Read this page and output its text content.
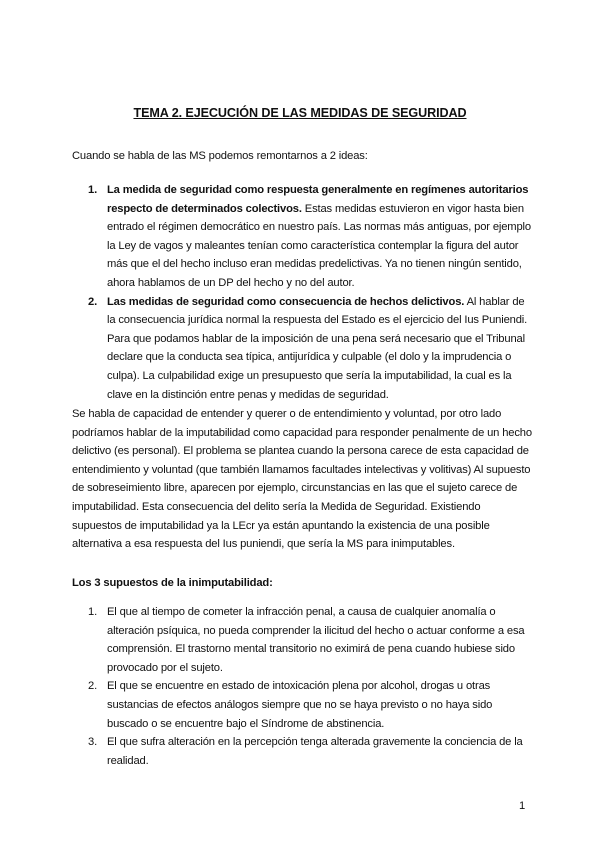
TEMA 2. EJECUCIÓN DE LAS MEDIDAS DE SEGURIDAD
Cuando se habla de las MS podemos remontarnos a 2 ideas:
1. La medida de seguridad como respuesta generalmente en regímenes autoritarios respecto de determinados colectivos. Estas medidas estuvieron en vigor hasta bien entrado el régimen democrático en nuestro país. Las normas más antiguas, por ejemplo la Ley de vagos y maleantes tenían como característica contemplar la figura del autor más que el del hecho incluso eran medidas predelictivas. Ya no tienen ningún sentido, ahora hablamos de un DP del hecho y no del autor.
2. Las medidas de seguridad como consecuencia de hechos delictivos. Al hablar de la consecuencia jurídica normal la respuesta del Estado es el ejercicio del Ius Puniendi. Para que podamos hablar de la imposición de una pena será necesario que el Tribunal declare que la conducta sea típica, antijurídica y culpable (el dolo y la imprudencia o culpa). La culpabilidad exige un presupuesto que sería la imputabilidad, la cual es la clave en la distinción entre penas y medidas de seguridad.
Se habla de capacidad de entender y querer o de entendimiento y voluntad, por otro lado podríamos hablar de la imputabilidad como capacidad para responder penalmente de un hecho delictivo (es personal). El problema se plantea cuando la persona carece de esta capacidad de entendimiento y voluntad (que también llamamos facultades intelectivas y volitivas) Al supuesto de sobreseimiento libre, aparecen por ejemplo, circunstancias en las que el sujeto carece de imputabilidad. Esta consecuencia del delito sería la Medida de Seguridad. Existiendo supuestos de imputabilidad ya la LEcr ya están apuntando la existencia de una posible alternativa a esa respuesta del Ius puniendi, que sería la MS para inimputables.
Los 3 supuestos de la inimputabilidad:
1. El que al tiempo de cometer la infracción penal, a causa de cualquier anomalía o alteración psíquica, no pueda comprender la ilicitud del hecho o actuar conforme a esa comprensión. El trastorno mental transitorio no eximirá de pena cuando hubiese sido provocado por el sujeto.
2. El que se encuentre en estado de intoxicación plena por alcohol, drogas u otras sustancias de efectos análogos siempre que no se haya previsto o no haya sido buscado o se encuentre bajo el Síndrome de abstinencia.
3. El que sufra alteración en la percepción tenga alterada gravemente la conciencia de la realidad.
1
